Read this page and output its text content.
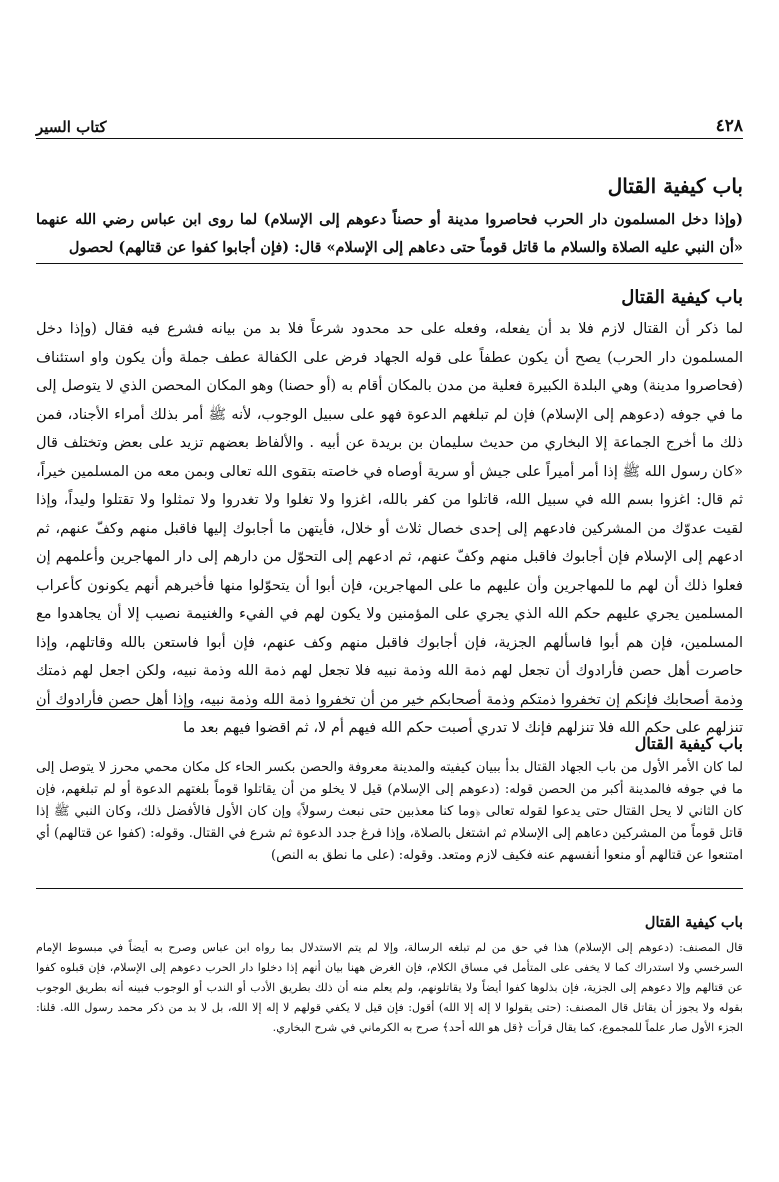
٤٢٨
كتاب السير
باب كيفية القتال

(وإذا دخل المسلمون دار الحرب فحاصروا مدينة أو حصناً دعوهم إلى الإسلام) لما روى ابن عباس رضي الله عنهما «أن النبي عليه الصلاة والسلام ما قاتل قوماً حتى دعاهم إلى الإسلام» قال: (فإن أجابوا كفوا عن قتالهم) لحصول

باب كيفية القتال

لما ذكر أن القتال لازم فلا بد أن يفعله، وفعله على حد محدود شرعاً فلا بد من بيانه فشرع فيه فقال (وإذا دخل المسلمون دار الحرب) يصح أن يكون عطفاً على قوله الجهاد فرض على الكفالة عطف جملة وأن يكون واو استئناف (فحاصروا مدينة) وهي البلدة الكبيرة فعلية من مدن بالمكان أقام به (أو حصنا) وهو المكان المحصن الذي لا يتوصل إلى ما في جوفه (دعوهم إلى الإسلام) فإن لم تبلغهم الدعوة فهو على سبيل الوجوب، لأنه ﷺ أمر بذلك أمراء الأجناد، فمن ذلك ما أخرج الجماعة إلا البخاري من حديث سليمان بن بريدة عن أبيه . والألفاظ بعضهم تزيد على بعض وتختلف قال «كان رسول الله ﷺ إذا أمر أميراً على جيش أو سرية أوصاه في خاصته بتقوى الله تعالى وبمن معه من المسلمين خيراً، ثم قال: اغزوا بسم الله في سبيل الله، قاتلوا من كفر بالله، اغزوا ولا تغلوا ولا تغدروا ولا تمثلوا ولا تقتلوا وليداً، وإذا لقيت عدوّك من المشركين فادعهم إلى إحدى خصال ثلاث أو خلال، فأيتهن ما أجابوك إليها فاقبل منهم وكفّ عنهم، ثم ادعهم إلى الإسلام فإن أجابوك فاقبل منهم وكفّ عنهم، ثم ادعهم إلى التحوّل من دارهم إلى دار المهاجرين وأعلمهم إن فعلوا ذلك أن لهم ما للمهاجرين وأن عليهم ما على المهاجرين، فإن أبوا أن يتحوّلوا منها فأخبرهم أنهم يكونون كأعراب المسلمين يجري عليهم حكم الله الذي يجري على المؤمنين ولا يكون لهم في الفيء والغنيمة نصيب إلا أن يجاهدوا مع المسلمين، فإن هم أبوا فاسألهم الجزية، فإن أجابوك فاقبل منهم وكف عنهم، فإن أبوا فاستعن بالله وقاتلهم، وإذا حاصرت أهل حصن فأرادوك أن تجعل لهم ذمة الله وذمة نبيه فلا تجعل لهم ذمة الله وذمة نبيه، ولكن اجعل لهم ذمتك وذمة أصحابك فإنكم إن تخفروا ذمتكم وذمة أصحابكم خير من أن تخفروا ذمة الله وذمة نبيه، وإذا أهل حصن فأرادوك أن تنزلهم على حكم الله فلا تنزلهم فإنك لا تدري أصبت حكم الله فيهم أم لا، ثم اقضوا فيهم بعد ما

باب كيفية القتال

لما كان الأمر الأول من باب الجهاد القتال بدأ ببيان كيفيته والمدينة معروفة والحصن بكسر الحاء كل مكان محمي محرز لا يتوصل إلى ما في جوفه فالمدينة أكبر من الحصن قوله: (دعوهم إلى الإسلام) قيل لا يخلو من أن يقاتلوا قوماً بلغتهم الدعوة أو لم تبلغهم، فإن كان الثاني لا يحل القتال حتى يدعوا لقوله تعالى ﴿وما كنا معذبين حتى نبعث رسولاً﴾ وإن كان الأول فالأفضل ذلك، وكان النبي ﷺ إذا قاتل قوماً من المشركين دعاهم إلى الإسلام ثم اشتغل بالصلاة، وإذا فرغ جدد الدعوة ثم شرع في القتال. وقوله: (كفوا عن قتالهم) أي امتنعوا عن قتالهم أو منعوا أنفسهم عنه فكيف لازم ومتعد. وقوله: (على ما نطق به النص)

باب كيفية القتال

قال المصنف: (دعوهم إلى الإسلام) هذا في حق من لم تبلغه الرسالة، وإلا لم يتم الاستدلال بما رواه ابن عباس وصرح به أيضاً في مبسوط الإمام السرخسي ولا استدراك كما لا يخفى على المتأمل في مساق الكلام، فإن الغرض ههنا بيان أنهم إذا دخلوا دار الحرب دعوهم إلى الإسلام، فإن قبلوه كفوا عن قتالهم وإلا دعوهم إلى الجزية، فإن بذلوها كفوا أيضاً ولا يقاتلونهم، ولم يعلم منه أن ذلك بطريق الأدب أو الندب أو الوجوب فبينه أنه بطريق الوجوب بقوله ولا يجوز أن يقاتل قال المصنف: (حتى يقولوا لا إله إلا الله) أقول: فإن قيل لا يكفي قولهم لا إله إلا الله، بل لا بد من ذكر محمد رسول الله. قلنا: الجزء الأول صار علماً للمجموع، كما يقال قرأت ﴿قل هو الله أحد﴾ صرح به الكرماني في شرح البخاري.
